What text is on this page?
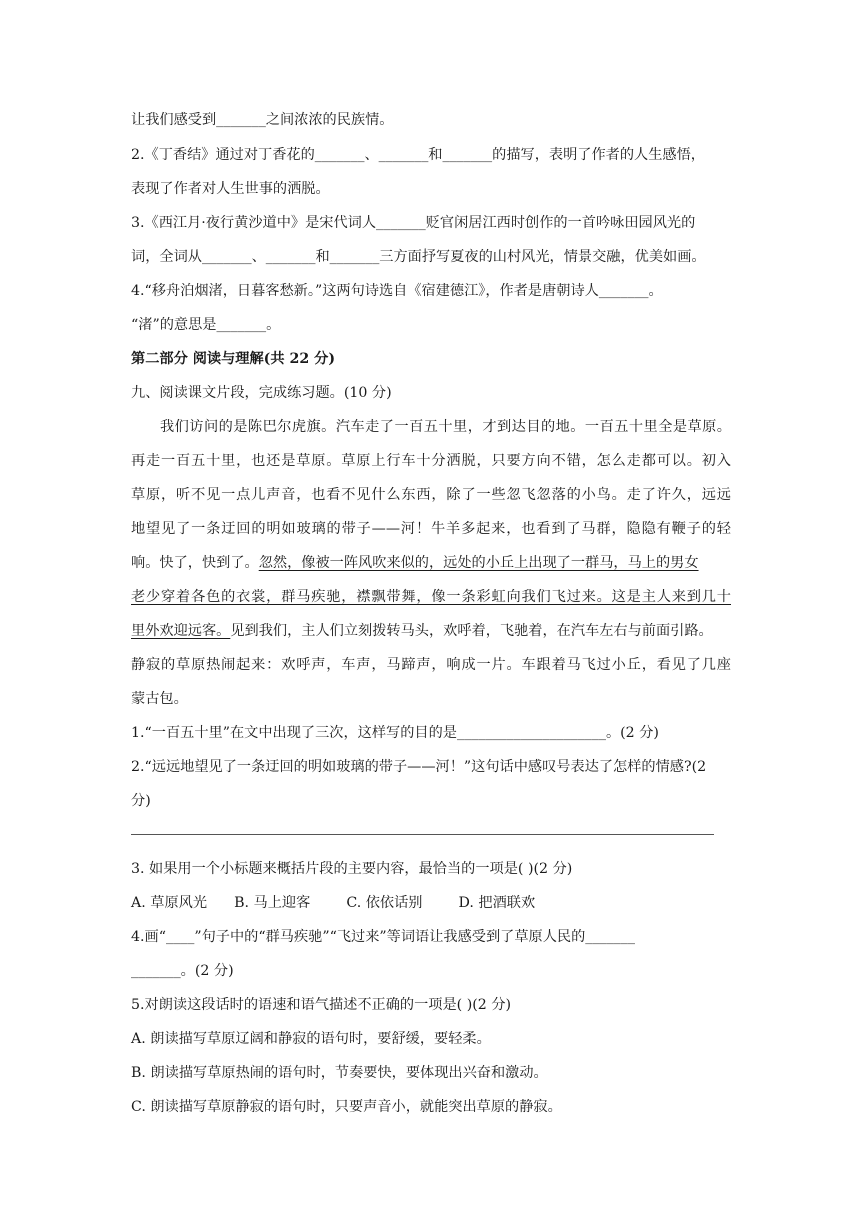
让我们感受到_______之间浓浓的民族情。
2.《丁香结》通过对丁香花的_______、_______和_______的描写，表明了作者的人生感悟，
表现了作者对人生世事的洒脱。
3.《西江月·夜行黄沙道中》是宋代词人_______贬官闲居江西时创作的一首吟咏田园风光的
词，全词从_______、_______和_______三方面抒写夏夜的山村风光，情景交融，优美如画。
4.“移舟泊烟渚，日暮客愁新。”这两句诗选自《宿建德江》，作者是唐朝诗人_______。
“渚”的意思是_______。
第二部分 阅读与理解(共 22 分)
九、阅读课文片段，完成练习题。(10 分)
我们访问的是陈巴尔虎旗。汽车走了一百五十里，才到达目的地。一百五十里全是草原。
再走一百五十里，也还是草原。草原上行车十分洒脱，只要方向不错，怎么走都可以。初入
草原，听不见一点儿声音，也看不见什么东西，除了一些忽飞忽落的小鸟。走了许久，远远
地望见了一条迂回的明如玻璃的带子——河！牛羊多起来，也看到了马群，隐隐有鞭子的轻
响。快了，快到了。忽然，像被一阵风吹来似的，远处的小丘上出现了一群马，马上的男女
老少穿着各色的衣裳，群马疾驰，襟飘带舞，像一条彩虹向我们飞过来。这是主人来到几十
里外欢迎远客。见到我们，主人们立刻拨转马头，欢呼着，飞驰着，在汽车左右与前面引路。
静寂的草原热闹起来：欢呼声，车声，马蹄声，响成一片。车跟着马飞过小丘，看见了几座
蒙古包。
1.“一百五十里”在文中出现了三次，这样写的目的是_____________________。(2 分)
2.“远远地望见了一条迂回的明如玻璃的带子——河！”这句话中感叹号表达了怎样的情感?(2
分)
3. 如果用一个小标题来概括片段的主要内容，最恰当的一项是( )(2 分)
A. 草原风光      B. 马上迎客        C. 依依话别        D. 把酒联欢
4.画“____”句子中的“群马疾驰”“飞过来”等词语让我感受到了草原人民的_______
_______。(2 分)
5.对朗读这段话时的语速和语气描述不正确的一项是( )(2 分)
A. 朗读描写草原辽阔和静寂的语句时，要舒缓，要轻柔。
B. 朗读描写草原热闹的语句时，节奏要快，要体现出兴奋和激动。
C. 朗读描写草原静寂的语句时，只要声音小，就能突出草原的静寂。
